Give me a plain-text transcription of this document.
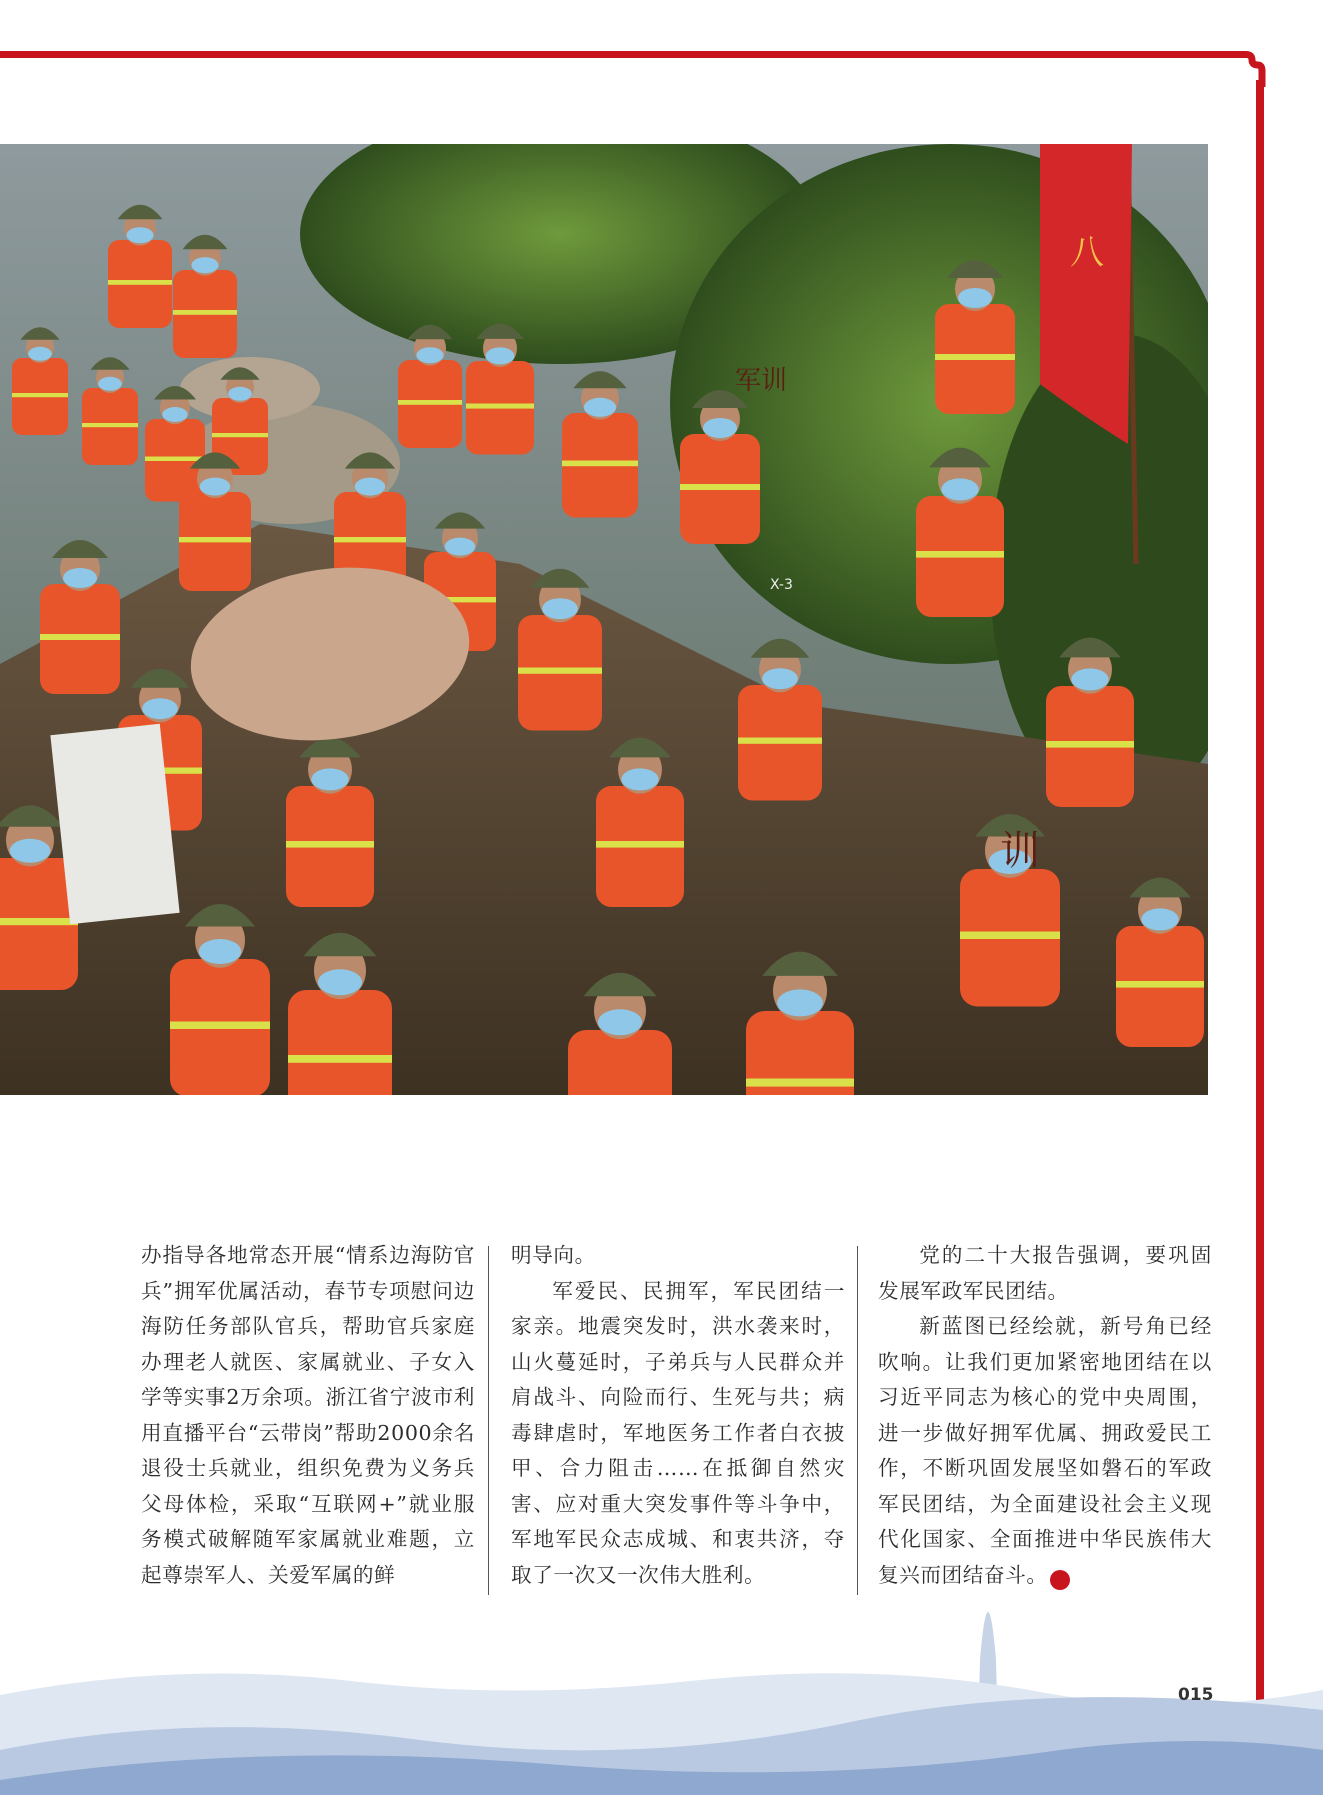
八
军训
训
X-3

办指导各地常态开展“情系边海防官兵”拥军优属活动，春节专项慰问边海防任务部队官兵，帮助官兵家庭办理老人就医、家属就业、子女入学等实事2万余项。浙江省宁波市利用直播平台“云带岗”帮助2000余名退役士兵就业，组织免费为义务兵父母体检，采取“互联网+”就业服务模式破解随军家属就业难题，立起尊崇军人、关爱军属的鲜

明导向。

军爱民、民拥军，军民团结一家亲。地震突发时，洪水袭来时，山火蔓延时，子弟兵与人民群众并肩战斗、向险而行、生死与共；病毒肆虐时，军地医务工作者白衣披甲、合力阻击……在抵御自然灾害、应对重大突发事件等斗争中，军地军民众志成城、和衷共济，夺取了一次又一次伟大胜利。

党的二十大报告强调，要巩固发展军政军民团结。

新蓝图已经绘就，新号角已经吹响。让我们更加紧密地团结在以习近平同志为核心的党中央周围，进一步做好拥军优属、拥政爱民工作，不断巩固发展坚如磐石的军政军民团结，为全面建设社会主义现代化国家、全面推进中华民族伟大复兴而团结奋斗。	N

015
